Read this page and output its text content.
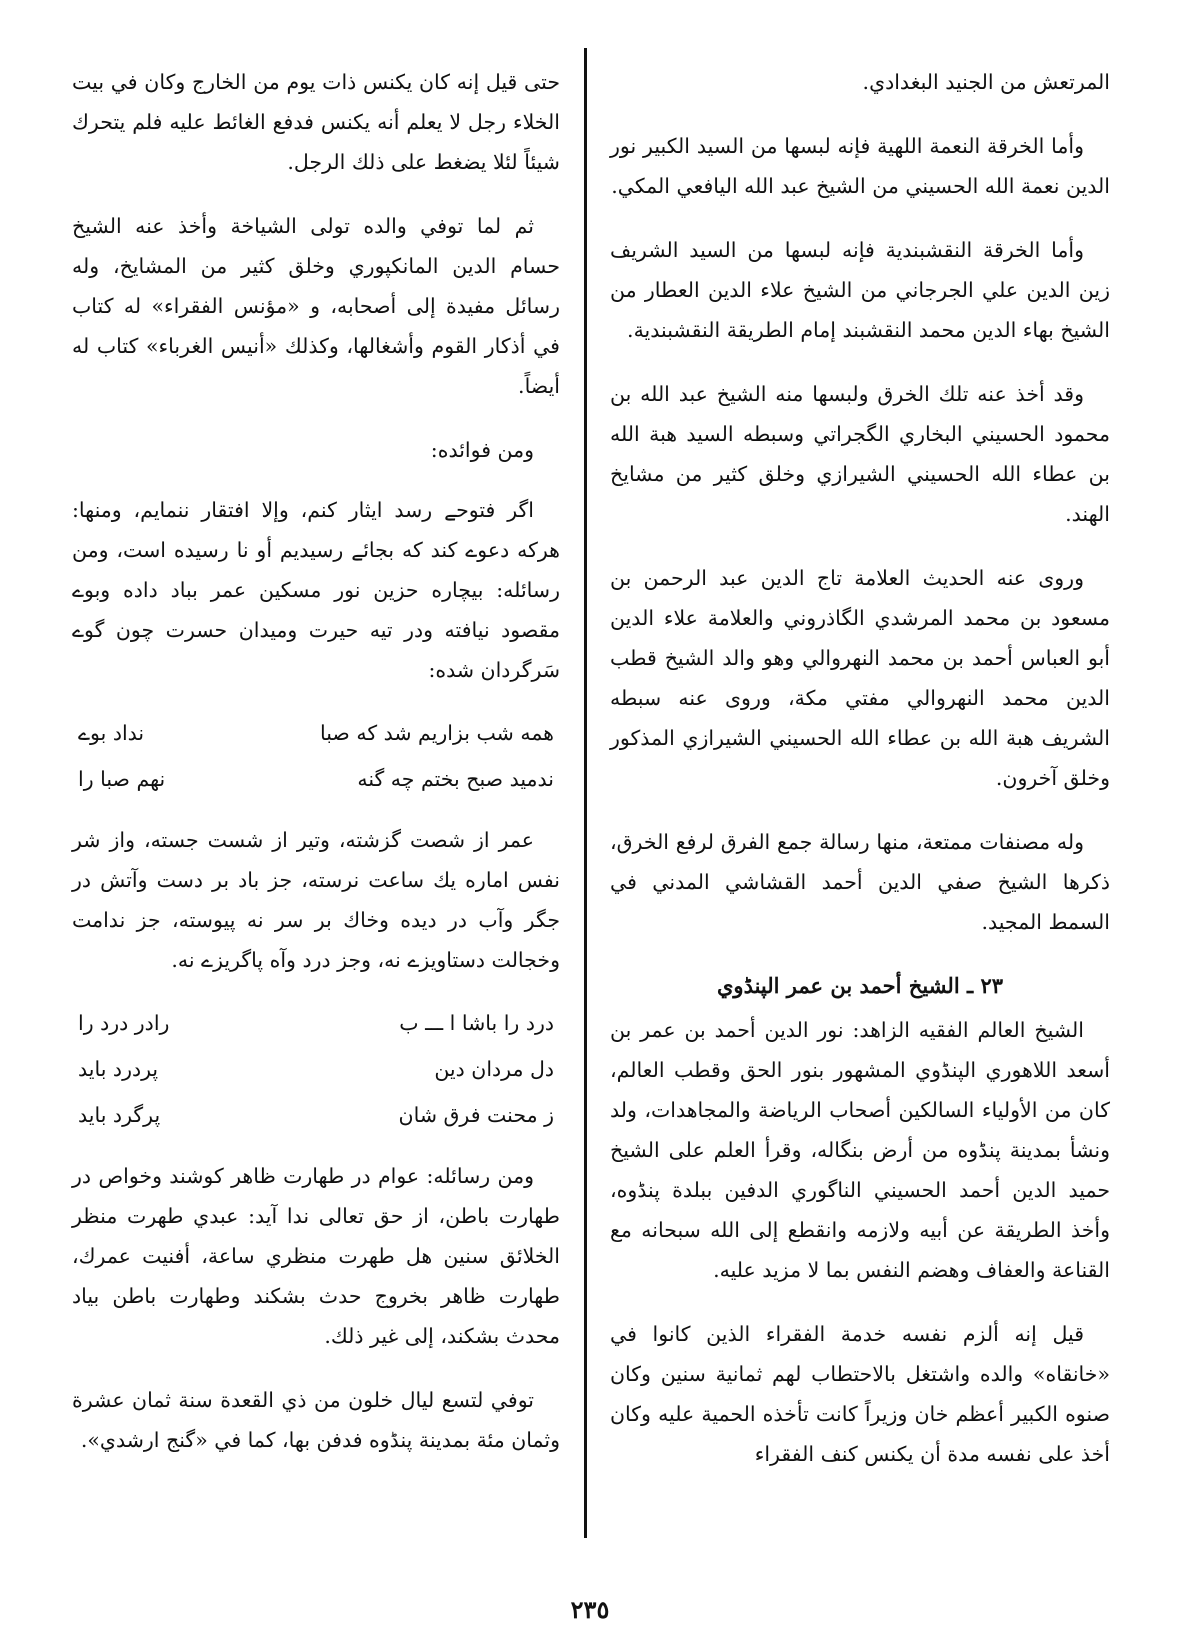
المرتعش من الجنيد البغدادي.

وأما الخرقة النعمة اللهية فإنه لبسها من السيد الكبير نور الدين نعمة الله الحسيني من الشيخ عبد الله اليافعي المكي.

وأما الخرقة النقشبندية فإنه لبسها من السيد الشريف زين الدين علي الجرجاني من الشيخ علاء الدين العطار من الشيخ بهاء الدين محمد النقشبند إمام الطريقة النقشبندية.

وقد أخذ عنه تلك الخرق ولبسها منه الشيخ عبد الله بن محمود الحسيني البخاري الگجراتي وسبطه السيد هبة الله بن عطاء الله الحسيني الشيرازي وخلق كثير من مشايخ الهند.

وروى عنه الحديث العلامة تاج الدين عبد الرحمن بن مسعود بن محمد المرشدي الگاذروني والعلامة علاء الدين أبو العباس أحمد بن محمد النهروالي وهو والد الشيخ قطب الدين محمد النهروالي مفتي مكة، وروى عنه سبطه الشريف هبة الله بن عطاء الله الحسيني الشيرازي المذكور وخلق آخرون.

وله مصنفات ممتعة، منها رسالة جمع الفرق لرفع الخرق، ذكرها الشيخ صفي الدين أحمد القشاشي المدني في السمط المجيد.

٢٣ ـ الشيخ أحمد بن عمر الپنڈوي

الشيخ العالم الفقيه الزاهد: نور الدين أحمد بن عمر بن أسعد اللاهوري الپنڈوي المشهور بنور الحق وقطب العالم، كان من الأولياء السالكين أصحاب الرياضة والمجاهدات، ولد ونشأ بمدينة پنڈوه من أرض بنگاله، وقرأ العلم على الشيخ حميد الدين أحمد الحسيني الناگوري الدفين ببلدة پنڈوه، وأخذ الطريقة عن أبيه ولازمه وانقطع إلى الله سبحانه مع القناعة والعفاف وهضم النفس بما لا مزيد عليه.

قيل إنه ألزم نفسه خدمة الفقراء الذين كانوا في «خانقاه» والده واشتغل بالاحتطاب لهم ثمانية سنين وكان صنوه الكبير أعظم خان وزيراً كانت تأخذه الحمية عليه وكان أخذ على نفسه مدة أن يكنس كنف الفقراء

حتى قيل إنه كان يكنس ذات يوم من الخارج وكان في بيت الخلاء رجل لا يعلم أنه يكنس فدفع الغائط عليه فلم يتحرك شيئاً لئلا يضغط على ذلك الرجل.

ثم لما توفي والده تولى الشياخة وأخذ عنه الشيخ حسام الدين المانكپوري وخلق كثير من المشايخ، وله رسائل مفيدة إلى أصحابه، و «مؤنس الفقراء» له كتاب في أذكار القوم وأشغالها، وكذلك «أنيس الغرباء» كتاب له أيضاً.

ومن فوائده:

اگر فتوحے رسد ایثار كنم، وإلا افتقار ننمايم، ومنها: هركه دعوے كند كه بجائے رسيديم أو نا رسيده است، ومن رسائله: بيچاره حزين نور مسكين عمر بباد داده وبوے مقصود نيافته ودر تيه حيرت وميدان حسرت چون گوے سَرگردان شده:

همه شب بزاريم شد كه صبا
نداد بوے
ندميد صبح بختم چه گنه
نهم صبا را

عمر از شصت گزشته، وتير از شست جسته، واز شر نفس اماره يك ساعت نرسته، جز باد بر دست وآتش در جگر وآب در ديده وخاك بر سر نه پيوسته، جز ندامت وخجالت دستاويزے نه، وجز درد وآه پاگريزے نه.

درد را باشا ا ـــ ب
رادر درد را
دل مردان دين
پردرد بايد
ز محنت فرق شان
پرگرد بايد

ومن رسائله: عوام در طهارت ظاهر كوشند وخواص در طهارت باطن، از حق تعالى ندا آيد: عبدي طهرت منظر الخلائق سنين هل طهرت منظري ساعة، أفنيت عمرك، طهارت ظاهر بخروج حدث بشكند وطهارت باطن بياد محدث بشكند، إلى غير ذلك.

توفي لتسع ليال خلون من ذي القعدة سنة ثمان عشرة وثمان مئة بمدينة پنڈوه فدفن بها، كما في «گنج ارشدي».

٢٣٥
